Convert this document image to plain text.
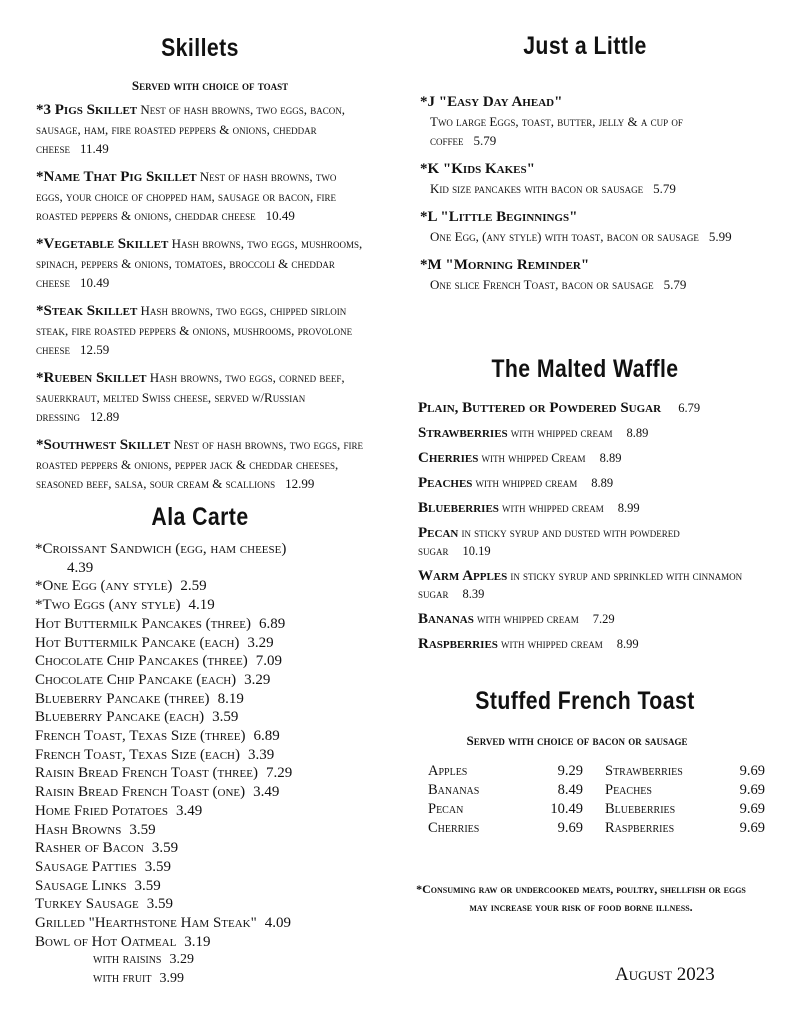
Skillets
Served with choice of toast
*3 Pigs Skillet Nest of hash browns, two eggs, bacon, sausage, ham, fire roasted peppers & onions, cheddar cheese 11.49
*Name That Pig Skillet Nest of hash browns, two eggs, your choice of chopped ham, sausage or bacon, fire roasted peppers & onions, cheddar cheese 10.49
*Vegetable Skillet Hash browns, two eggs, mushrooms, spinach, peppers & onions, tomatoes, broccoli & cheddar cheese 10.49
*Steak Skillet Hash browns, two eggs, chipped sirloin steak, fire roasted peppers & onions, mushrooms, provolone cheese 12.59
*Rueben Skillet Hash browns, two eggs, corned beef, sauerkraut, melted Swiss cheese, served w/Russian dressing 12.89
*Southwest Skillet Nest of hash browns, two eggs, fire roasted peppers & onions, pepper jack & cheddar cheeses, seasoned beef, salsa, sour cream & scallions 12.99
Ala Carte
*Croissant Sandwich (egg, ham cheese)
4.39
*One Egg (any style) 2.59
*Two Eggs (any style) 4.19
Hot Buttermilk Pancakes (three) 6.89
Hot Buttermilk Pancake (each) 3.29
Chocolate Chip Pancakes (three) 7.09
Chocolate Chip Pancake (each) 3.29
Blueberry Pancake (three) 8.19
Blueberry Pancake (each) 3.59
French Toast, Texas Size (three) 6.89
French Toast, Texas Size (each) 3.39
Raisin Bread French Toast (three) 7.29
Raisin Bread French Toast (one) 3.49
Home Fried Potatoes 3.49
Hash Browns 3.59
Rasher of Bacon 3.59
Sausage Patties 3.59
Sausage Links 3.59
Turkey Sausage 3.59
Grilled "Hearthstone Ham Steak" 4.09
Bowl of Hot Oatmeal 3.19
with raisins 3.29
with fruit 3.99
Just a Little
*J "Easy Day Ahead"
Two large Eggs, toast, butter, jelly & a cup of coffee 5.79
*K "Kids Kakes"
Kid size pancakes with bacon or sausage 5.79
*L "Little Beginnings"
One Egg, (any style) with toast, bacon or sausage 5.99
*M "Morning Reminder"
One slice French Toast, bacon or sausage 5.79
The Malted Waffle
Plain, Buttered or Powdered Sugar 6.79
Strawberries with whipped cream 8.89
Cherries with whipped Cream 8.89
Peaches with whipped cream 8.89
Blueberries with whipped cream 8.99
Pecan in sticky syrup and dusted with powdered sugar 10.19
Warm Apples in sticky syrup and sprinkled with cinnamon sugar 8.39
Bananas with whipped cream 7.29
Raspberries with whipped cream 8.99
Stuffed French Toast
Served with choice of bacon or sausage
Apples	9.29	Strawberries	9.69
Bananas	8.49	Peaches	9.69
Pecan	10.49	Blueberries	9.69
Cherries	9.69	Raspberries	9.69
*Consuming raw or undercooked meats, poultry, shellfish or eggs may increase your risk of food borne illness.
August 2023
